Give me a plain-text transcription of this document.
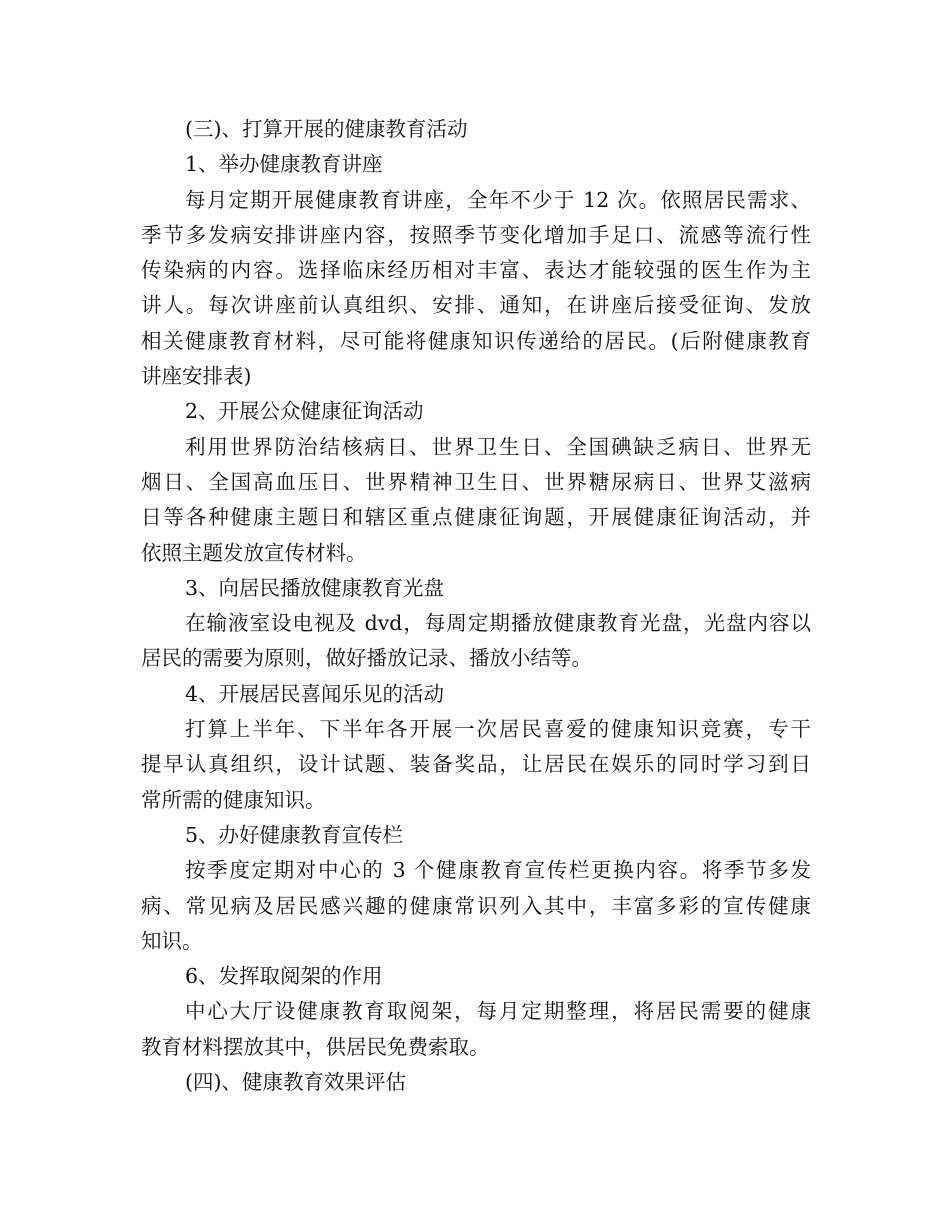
(三)、打算开展的健康教育活动
1、举办健康教育讲座
每月定期开展健康教育讲座，全年不少于 12 次。依照居民需求、
季节多发病安排讲座内容，按照季节变化增加手足口、流感等流行性
传染病的内容。选择临床经历相对丰富、表达才能较强的医生作为主
讲人。每次讲座前认真组织、安排、通知，在讲座后接受征询、发放
相关健康教育材料，尽可能将健康知识传递给的居民。(后附健康教育
讲座安排表)
2、开展公众健康征询活动
利用世界防治结核病日、世界卫生日、全国碘缺乏病日、世界无
烟日、全国高血压日、世界精神卫生日、世界糖尿病日、世界艾滋病
日等各种健康主题日和辖区重点健康征询题，开展健康征询活动，并
依照主题发放宣传材料。
3、向居民播放健康教育光盘
在输液室设电视及 dvd，每周定期播放健康教育光盘，光盘内容以
居民的需要为原则，做好播放记录、播放小结等。
4、开展居民喜闻乐见的活动
打算上半年、下半年各开展一次居民喜爱的健康知识竞赛，专干
提早认真组织，设计试题、装备奖品，让居民在娱乐的同时学习到日
常所需的健康知识。
5、办好健康教育宣传栏
按季度定期对中心的 3 个健康教育宣传栏更换内容。将季节多发
病、常见病及居民感兴趣的健康常识列入其中，丰富多彩的宣传健康
知识。
6、发挥取阅架的作用
中心大厅设健康教育取阅架，每月定期整理，将居民需要的健康
教育材料摆放其中，供居民免费索取。
(四)、健康教育效果评估
